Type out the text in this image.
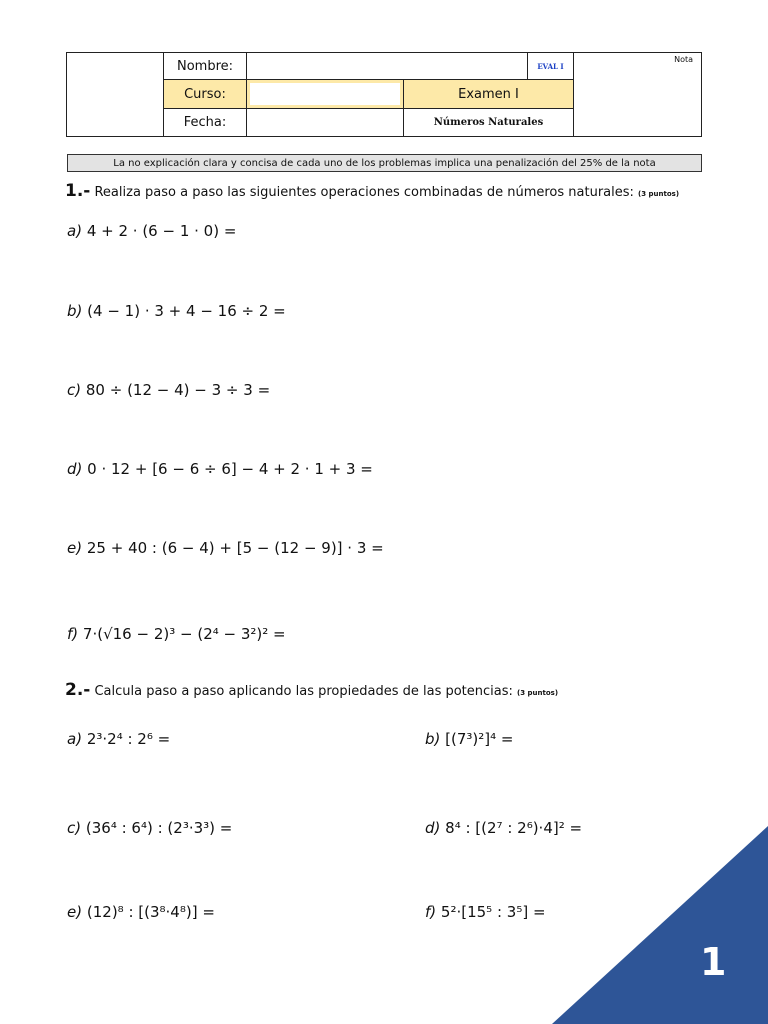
Nombre:	EVAL I
Nota
Curso:	Examen I
Fecha:	Números Naturales
La no explicación clara y concisa de cada uno de los problemas implica una penalización del 25% de la nota
1.- Realiza paso a paso las siguientes operaciones combinadas de números naturales: (3 puntos)
a) 4 + 2 · (6 − 1 · 0) =
b) (4 − 1) · 3 + 4 − 16 ÷ 2 =
c) 80 ÷ (12 − 4) − 3 ÷ 3 =
d) 0 · 12 + [6 − 6 ÷ 6] − 4 + 2 · 1 + 3 =
e) 25 + 40 : (6 − 4) + [5 − (12 − 9)] · 3 =
f) 7·(√16 − 2)³ − (2⁴ − 3²)² =
2.- Calcula paso a paso aplicando las propiedades de las potencias: (3 puntos)
a) 2³·2⁴ : 2⁶ =	b) [(7³)²]⁴ =
c) (36⁴ : 6⁴) : (2³·3³) =	d) 8⁴ : [(2⁷ : 2⁶)·4]² =
e) (12)⁸ : [(3⁸·4⁸)] =	f) 5²·[15⁵ : 3⁵] =
1
